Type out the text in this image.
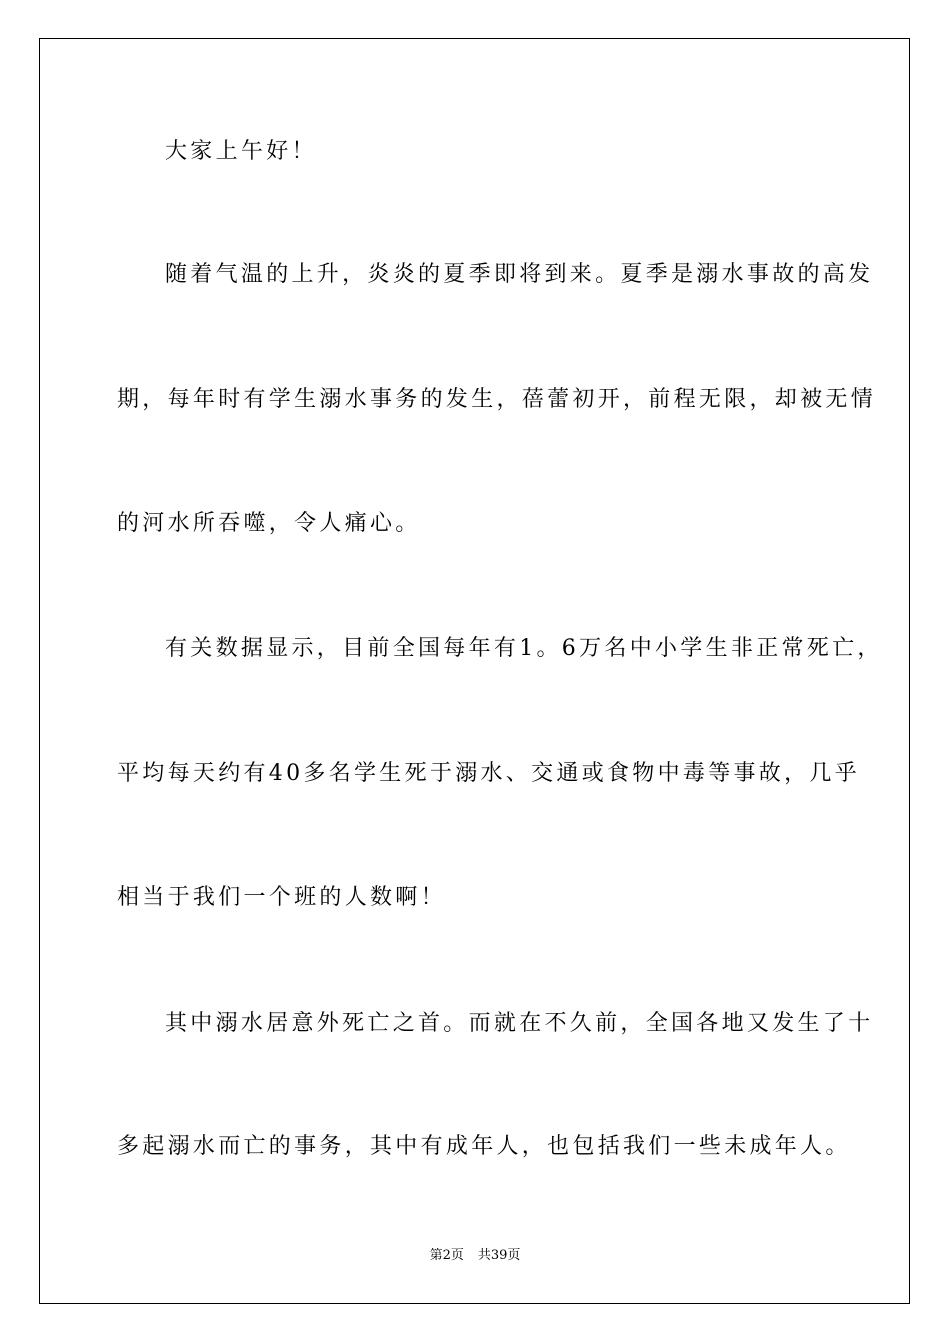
大家上午好！
随着气温的上升，炎炎的夏季即将到来。夏季是溺水事故的高发
期，每年时有学生溺水事务的发生，蓓蕾初开，前程无限，却被无情
的河水所吞噬，令人痛心。
有关数据显示，目前全国每年有1。6万名中小学生非正常死亡，
平均每天约有40多名学生死于溺水、交通或食物中毒等事故，几乎
相当于我们一个班的人数啊！
其中溺水居意外死亡之首。而就在不久前，全国各地又发生了十
多起溺水而亡的事务，其中有成年人，也包括我们一些未成年人。
第2页 共39页
